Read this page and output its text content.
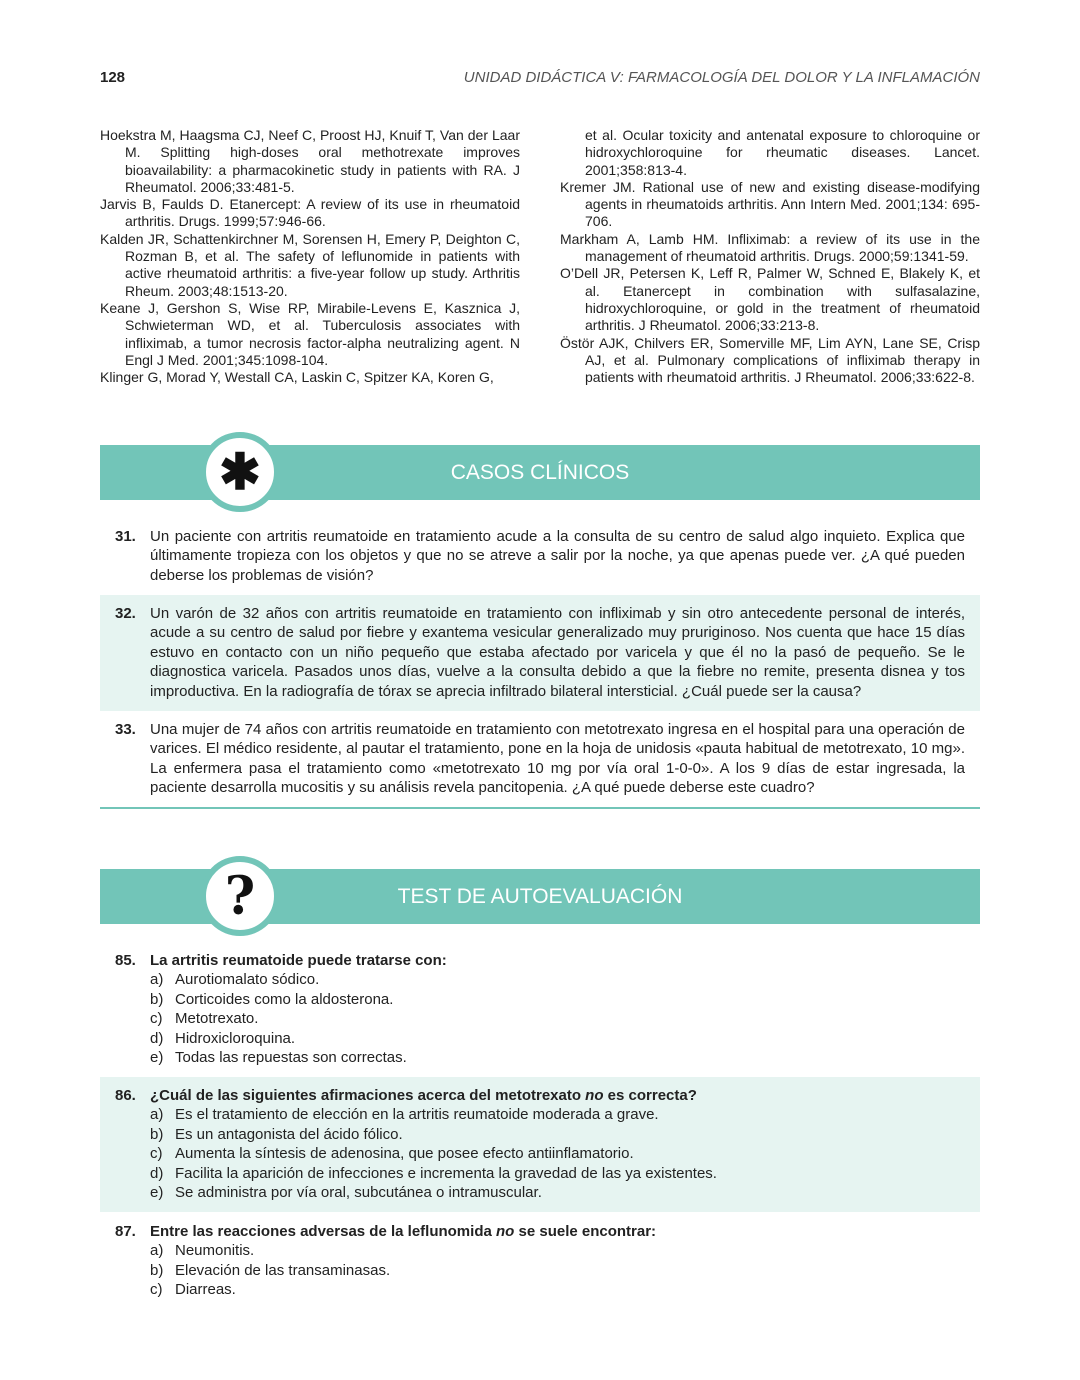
128	UNIDAD DIDÁCTICA V: FARMACOLOGÍA DEL DOLOR Y LA INFLAMACIÓN

Hoekstra M, Haagsma CJ, Neef C, Proost HJ, Knuif T, Van der Laar M. Splitting high-doses oral methotrexate improves bioavailability: a pharmacokinetic study in patients with RA. J Rheumatol. 2006;33:481-5.

Jarvis B, Faulds D. Etanercept: A review of its use in rheumatoid arthritis. Drugs. 1999;57:946-66.

Kalden JR, Schattenkirchner M, Sorensen H, Emery P, Deighton C, Rozman B, et al. The safety of leflunomide in patients with active rheumatoid arthritis: a five-year follow up study. Arthritis Rheum. 2003;48:1513-20.

Keane J, Gershon S, Wise RP, Mirabile-Levens E, Kasznica J, Schwieterman WD, et al. Tuberculosis associates with infliximab, a tumor necrosis factor-alpha neutralizing agent. N Engl J Med. 2001;345:1098-104.

Klinger G, Morad Y, Westall CA, Laskin C, Spitzer KA, Koren G,

et al. Ocular toxicity and antenatal exposure to chloroquine or hidroxychloroquine for rheumatic diseases. Lancet. 2001;358:813-4.

Kremer JM. Rational use of new and existing disease-modifying agents in rheumatoids arthritis. Ann Intern Med. 2001;134: 695-706.

Markham A, Lamb HM. Infliximab: a review of its use in the management of rheumatoid arthritis. Drugs. 2000;59:1341-59.

O’Dell JR, Petersen K, Leff R, Palmer W, Schned E, Blakely K, et al. Etanercept in combination with sulfasalazine, hidroxychloroquine, or gold in the treatment of rheumatoid arthritis. J Rheumatol. 2006;33:213-8.

Östör AJK, Chilvers ER, Somerville MF, Lim AYN, Lane SE, Crisp AJ, et al. Pulmonary complications of infliximab therapy in patients with rheumatoid arthritis. J Rheumatol. 2006;33:622-8.

✱	CASOS CLÍNICOS
31. Un paciente con artritis reumatoide en tratamiento acude a la consulta de su centro de salud algo inquieto. Explica que últimamente tropieza con los objetos y que no se atreve a salir por la noche, ya que apenas puede ver. ¿A qué pueden deberse los problemas de visión?
32. Un varón de 32 años con artritis reumatoide en tratamiento con infliximab y sin otro antecedente personal de interés, acude a su centro de salud por fiebre y exantema vesicular generalizado muy pruriginoso. Nos cuenta que hace 15 días estuvo en contacto con un niño pequeño que estaba afectado por varicela y que él no la pasó de pequeño. Se le diagnostica varicela. Pasados unos días, vuelve a la consulta debido a que la fiebre no remite, presenta disnea y tos improductiva. En la radiografía de tórax se aprecia infiltrado bilateral intersticial. ¿Cuál puede ser la causa?
33. Una mujer de 74 años con artritis reumatoide en tratamiento con metotrexato ingresa en el hospital para una operación de varices. El médico residente, al pautar el tratamiento, pone en la hoja de unidosis «pauta habitual de metotrexato, 10 mg». La enfermera pasa el tratamiento como «metotrexato 10 mg por vía oral 1-0-0». A los 9 días de estar ingresada, la paciente desarrolla mucositis y su análisis revela pancitopenia. ¿A qué puede deberse este cuadro?
?	TEST DE AUTOEVALUACIÓN
85. La artritis reumatoide puede tratarse con:
a) Aurotiomalato sódico.
b) Corticoides como la aldosterona.
c) Metotrexato.
d) Hidroxicloroquina.
e) Todas las repuestas son correctas.
86. ¿Cuál de las siguientes afirmaciones acerca del metotrexato no es correcta?
a) Es el tratamiento de elección en la artritis reumatoide moderada a grave.
b) Es un antagonista del ácido fólico.
c) Aumenta la síntesis de adenosina, que posee efecto antiinflamatorio.
d) Facilita la aparición de infecciones e incrementa la gravedad de las ya existentes.
e) Se administra por vía oral, subcutánea o intramuscular.
87. Entre las reacciones adversas de la leflunomida no se suele encontrar:
a) Neumonitis.
b) Elevación de las transaminasas.
c) Diarreas.
